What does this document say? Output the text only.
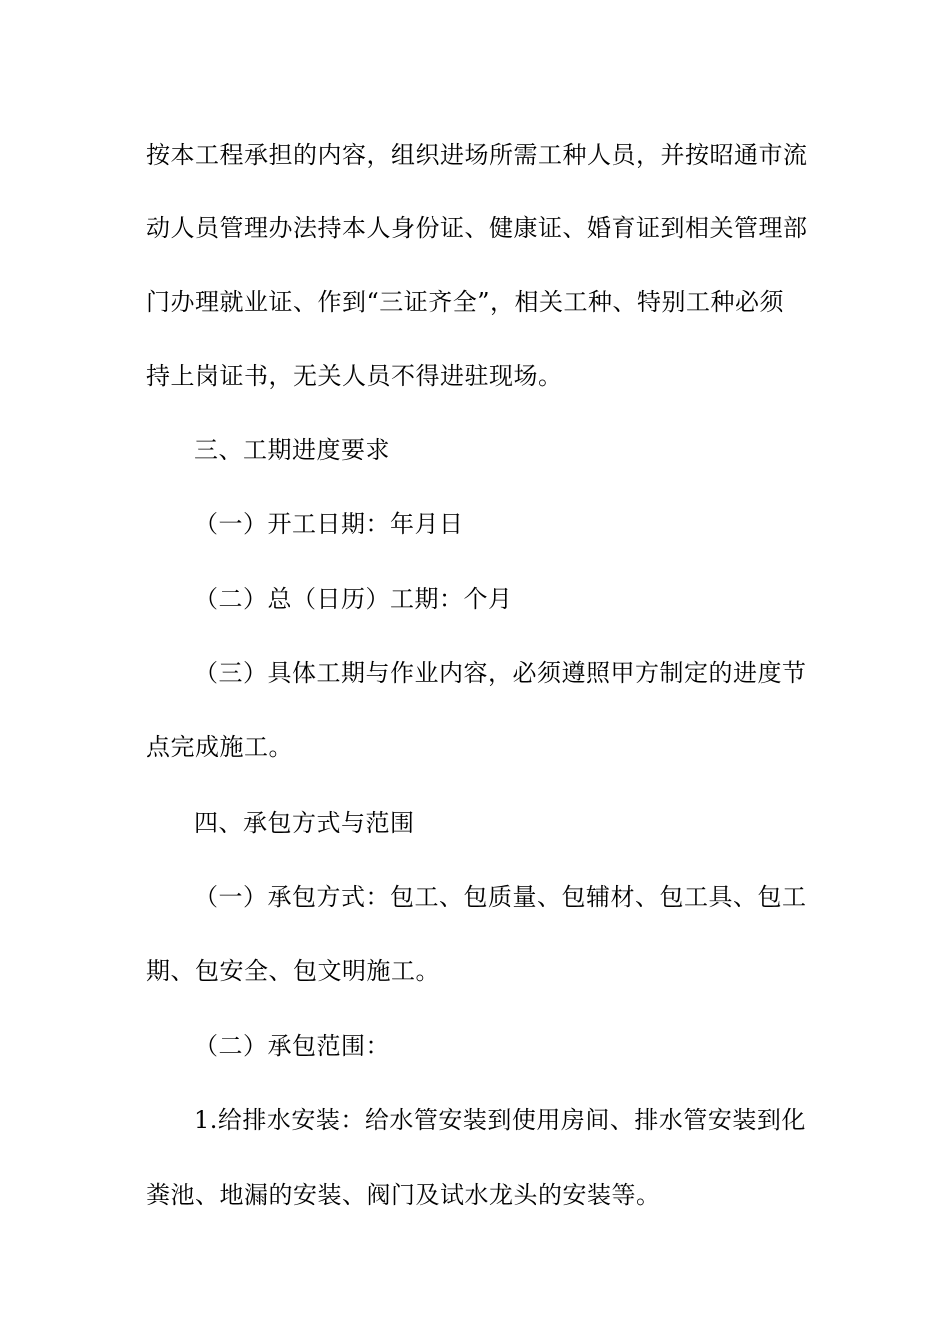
按本工程承担的内容，组织进场所需工种人员，并按昭通市流
动人员管理办法持本人身份证、健康证、婚育证到相关管理部
门办理就业证、作到“三证齐全”，相关工种、特别工种必须
持上岗证书，无关人员不得进驻现场。
三、工期进度要求
（一）开工日期：年月日
（二）总（日历）工期：个月
（三）具体工期与作业内容，必须遵照甲方制定的进度节
点完成施工。
四、承包方式与范围
（一）承包方式：包工、包质量、包辅材、包工具、包工
期、包安全、包文明施工。
（二）承包范围：
1.给排水安装：给水管安装到使用房间、排水管安装到化
粪池、地漏的安装、阀门及试水龙头的安装等。
